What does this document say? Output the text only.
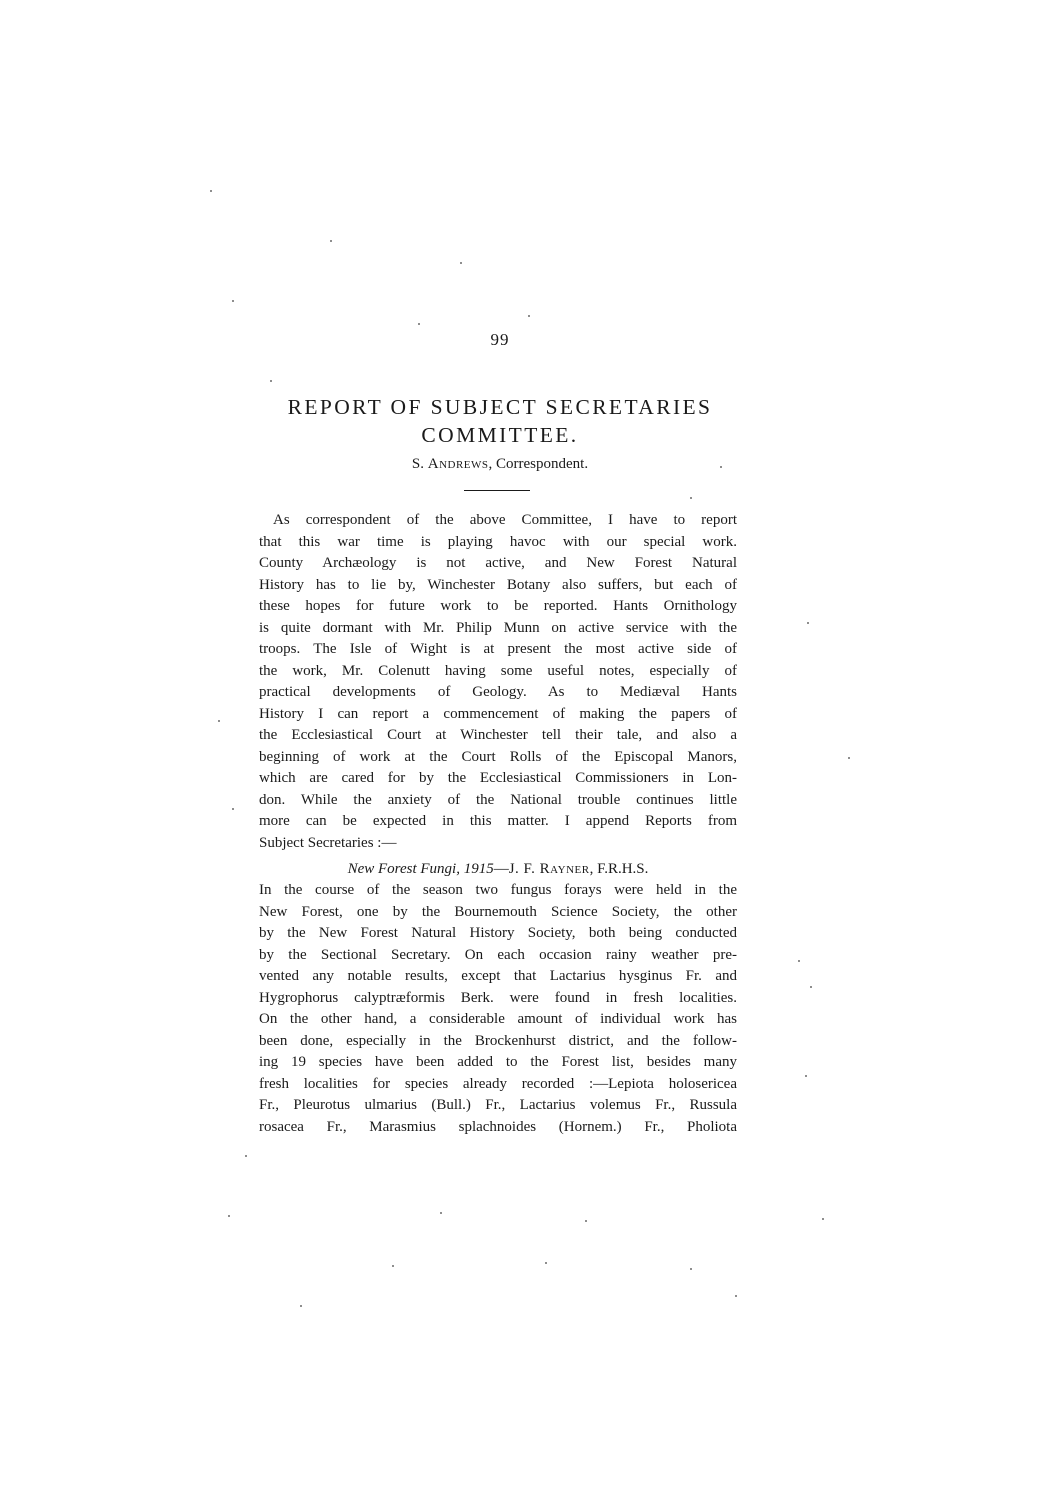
99
REPORT OF SUBJECT SECRETARIES
COMMITTEE.
S. Andrews, Correspondent.

As correspondent of the above Committee, I have to report

that this war time is playing havoc with our special work.

County Archæology is not active, and New Forest Natural

History has to lie by, Winchester Botany also suffers, but each of

these hopes for future work to be reported. Hants Ornithology

is quite dormant with Mr. Philip Munn on active service with the

troops. The Isle of Wight is at present the most active side of

the work, Mr. Colenutt having some useful notes, especially of

practical developments of Geology. As to Mediæval Hants

History I can report a commencement of making the papers of

the Ecclesiastical Court at Winchester tell their tale, and also a

beginning of work at the Court Rolls of the Episcopal Manors,

which are cared for by the Ecclesiastical Commissioners in Lon-

don. While the anxiety of the National trouble continues little

more can be expected in this matter. I append Reports from

Subject Secretaries :—

New Forest Fungi, 1915—J. F. Rayner, F.R.H.S.

In the course of the season two fungus forays were held in the

New Forest, one by the Bournemouth Science Society, the other

by the New Forest Natural History Society, both being conducted

by the Sectional Secretary. On each occasion rainy weather pre-

vented any notable results, except that Lactarius hysginus Fr. and

Hygrophorus calyptræformis Berk. were found in fresh localities.

On the other hand, a considerable amount of individual work has

been done, especially in the Brockenhurst district, and the follow-

ing 19 species have been added to the Forest list, besides many

fresh localities for species already recorded :—Lepiota holosericea

Fr., Pleurotus ulmarius (Bull.) Fr., Lactarius volemus Fr., Russula

rosacea Fr., Marasmius splachnoides (Hornem.) Fr., Pholiota
